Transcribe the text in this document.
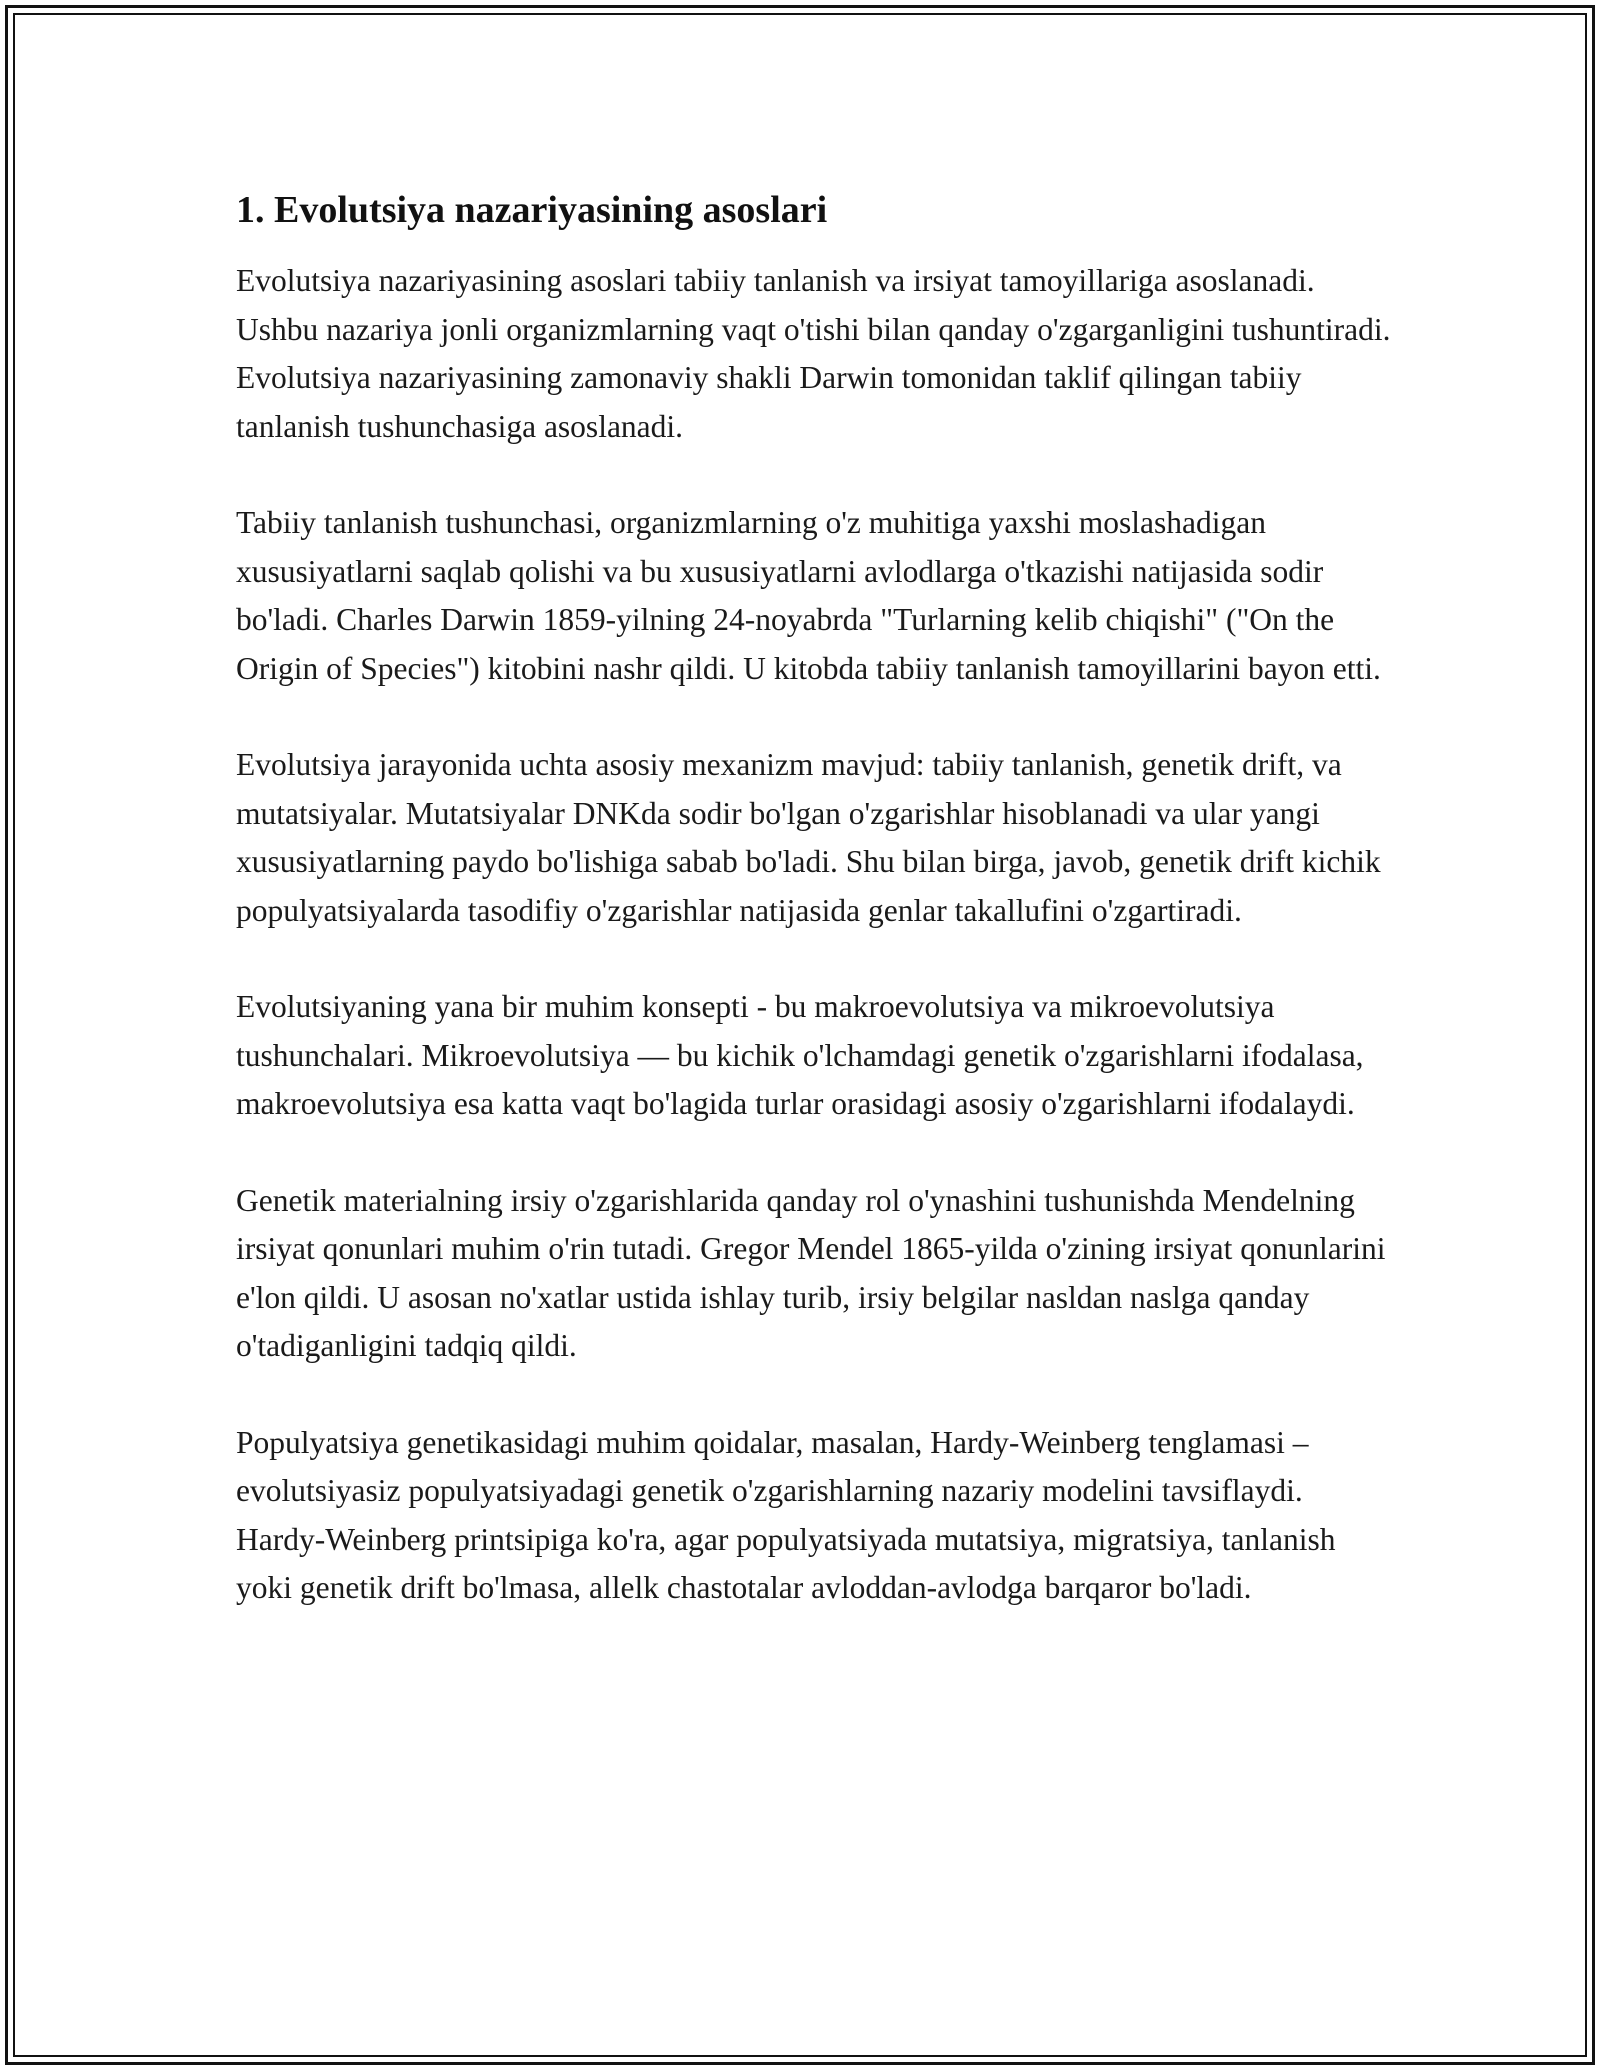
1. Evolutsiya nazariyasining asoslari

Evolutsiya nazariyasining asoslari tabiiy tanlanish va irsiyat tamoyillariga asoslanadi. Ushbu nazariya jonli organizmlarning vaqt o'tishi bilan qanday o'zgarganligini tushuntiradi. Evolutsiya nazariyasining zamonaviy shakli Darwin tomonidan taklif qilingan tabiiy tanlanish tushunchasiga asoslanadi.

Tabiiy tanlanish tushunchasi, organizmlarning o'z muhitiga yaxshi moslashadigan xususiyatlarni saqlab qolishi va bu xususiyatlarni avlodlarga o'tkazishi natijasida sodir bo'ladi. Charles Darwin 1859-yilning 24-noyabrda "Turlarning kelib chiqishi" ("On the Origin of Species") kitobini nashr qildi. U kitobda tabiiy tanlanish tamoyillarini bayon etti.

Evolutsiya jarayonida uchta asosiy mexanizm mavjud: tabiiy tanlanish, genetik drift, va mutatsiyalar. Mutatsiyalar DNKda sodir bo'lgan o'zgarishlar hisoblanadi va ular yangi xususiyatlarning paydo bo'lishiga sabab bo'ladi. Shu bilan birga, javob, genetik drift kichik populyatsiyalarda tasodifiy o'zgarishlar natijasida genlar takallufini o'zgartiradi.

Evolutsiyaning yana bir muhim konsepti - bu makroevolutsiya va mikroevolutsiya tushunchalari. Mikroevolutsiya — bu kichik o'lchamdagi genetik o'zgarishlarni ifodalasa, makroevolutsiya esa katta vaqt bo'lagida turlar orasidagi asosiy o'zgarishlarni ifodalaydi.

Genetik materialning irsiy o'zgarishlarida qanday rol o'ynashini tushunishda Mendelning irsiyat qonunlari muhim o'rin tutadi. Gregor Mendel 1865-yilda o'zining irsiyat qonunlarini e'lon qildi. U asosan no'xatlar ustida ishlay turib, irsiy belgilar nasldan naslga qanday o'tadiganligini tadqiq qildi.

Populyatsiya genetikasidagi muhim qoidalar, masalan, Hardy-Weinberg tenglamasi – evolutsiyasiz populyatsiyadagi genetik o'zgarishlarning nazariy modelini tavsiflaydi. Hardy-Weinberg printsipiga ko'ra, agar populyatsiyada mutatsiya, migratsiya, tanlanish yoki genetik drift bo'lmasa, allelk chastotalar avloddan-avlodga barqaror bo'ladi.
